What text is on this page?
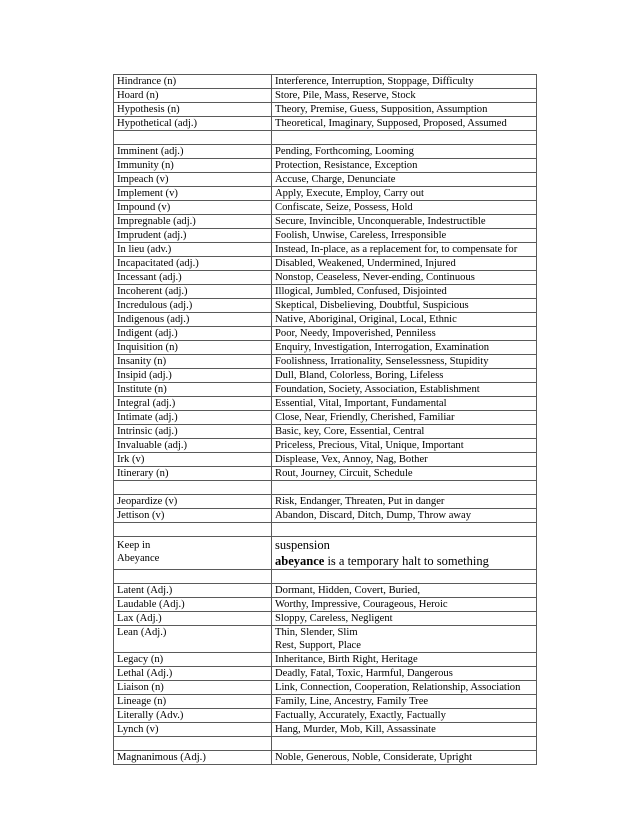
Hindrance (n)	Interference, Interruption, Stoppage, Difficulty

Hoard (n)	Store, Pile, Mass, Reserve, Stock

Hypothesis (n)	Theory, Premise, Guess, Supposition, Assumption

Hypothetical (adj.)	Theoretical, Imaginary, Supposed, Proposed, Assumed

Imminent (adj.)	Pending, Forthcoming, Looming

Immunity (n)	Protection, Resistance, Exception

Impeach (v)	Accuse, Charge, Denunciate

Implement (v)	Apply, Execute, Employ, Carry out

Impound (v)	Confiscate, Seize, Possess, Hold

Impregnable (adj.)	Secure, Invincible, Unconquerable, Indestructible

Imprudent (adj.)	Foolish, Unwise, Careless, Irresponsible

In lieu (adv.)	Instead, In-place, as a replacement for, to compensate for

Incapacitated (adj.)	Disabled, Weakened, Undermined, Injured

Incessant (adj.)	Nonstop, Ceaseless, Never-ending, Continuous

Incoherent (adj.)	Illogical, Jumbled, Confused, Disjointed

Incredulous (adj.)	Skeptical, Disbelieving, Doubtful, Suspicious

Indigenous (adj.)	Native, Aboriginal, Original, Local, Ethnic

Indigent (adj.)	Poor, Needy, Impoverished, Penniless

Inquisition (n)	Enquiry, Investigation, Interrogation, Examination

Insanity (n)	Foolishness, Irrationality, Senselessness, Stupidity

Insipid (adj.)	Dull, Bland, Colorless, Boring, Lifeless

Institute (n)	Foundation, Society, Association, Establishment

Integral (adj.)	Essential, Vital, Important, Fundamental

Intimate (adj.)	Close, Near, Friendly, Cherished, Familiar

Intrinsic (adj.)	Basic, key, Core, Essential, Central

Invaluable (adj.)	Priceless, Precious, Vital, Unique, Important

Irk (v)	Displease, Vex, Annoy, Nag, Bother

Itinerary (n)	Rout, Journey, Circuit, Schedule

Jeopardize (v)	Risk, Endanger, Threaten, Put in danger

Jettison (v)	Abandon, Discard, Ditch, Dump, Throw away

Keep in
Abeyance	suspension
abeyance is a temporary halt to something

Latent (Adj.)	Dormant, Hidden, Covert, Buried,

Laudable (Adj.)	Worthy, Impressive, Courageous, Heroic

Lax (Adj.)	Sloppy, Careless, Negligent

Lean (Adj.)	Thin, Slender, Slim
Rest, Support, Place

Legacy (n)	Inheritance, Birth Right, Heritage

Lethal (Adj.)	Deadly, Fatal, Toxic, Harmful, Dangerous

Liaison (n)	Link, Connection, Cooperation, Relationship, Association

Lineage (n)	Family, Line, Ancestry, Family Tree

Literally (Adv.)	Factually, Accurately, Exactly, Factually

Lynch (v)	Hang, Murder, Mob, Kill, Assassinate

Magnanimous (Adj.)	Noble, Generous, Noble, Considerate, Upright
